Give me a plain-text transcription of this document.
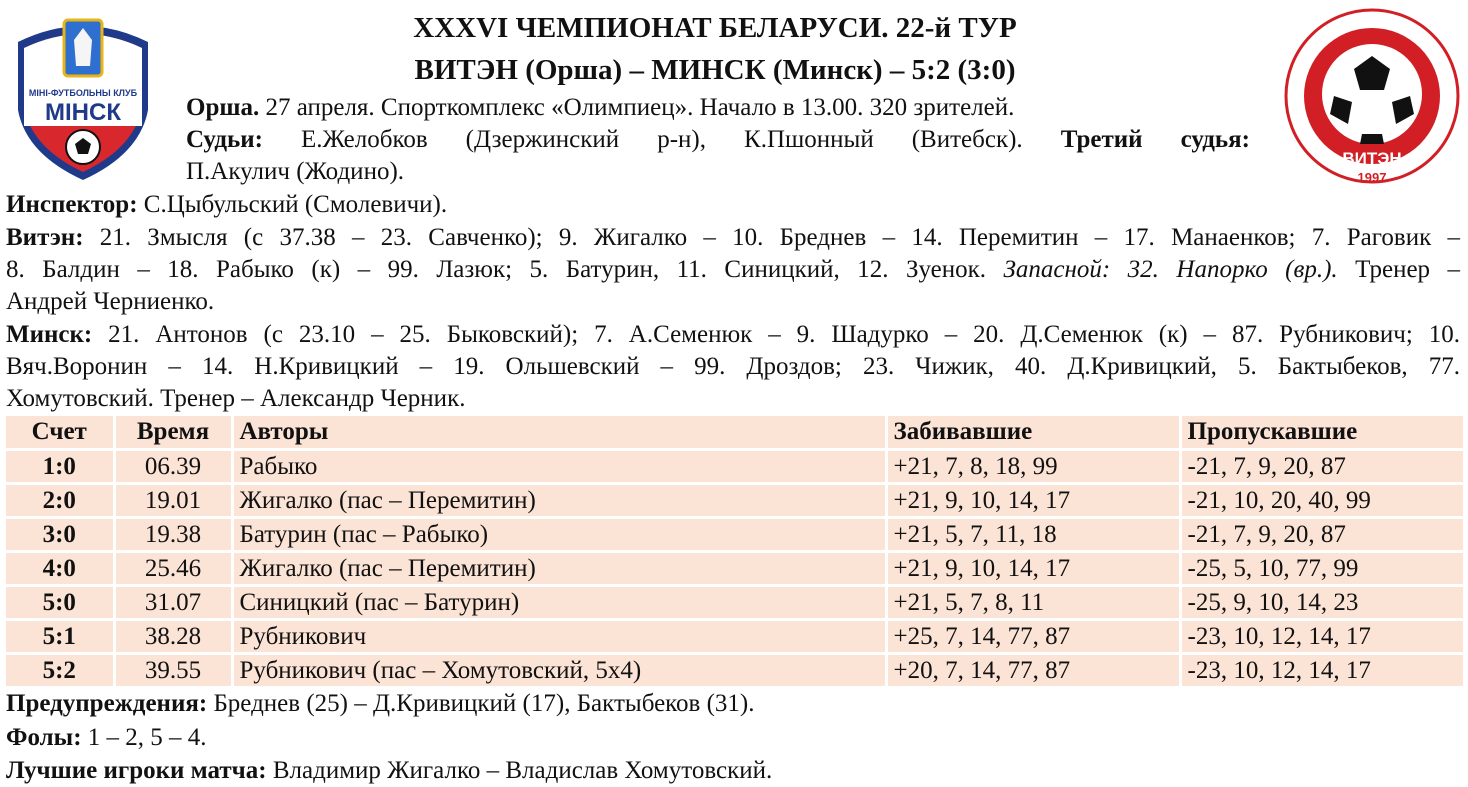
МІНІ-ФУТБОЛЬНЫ КЛУБ
МІНСК
ВИТЭН
1997
XXXVI ЧЕМПИОНАТ БЕЛАРУСИ. 22-й ТУР
ВИТЭН (Орша) – МИНСК (Минск) – 5:2 (3:0)
Орша. 27 апреля. Спорткомплекс «Олимпиец». Начало в 13.00. 320 зрителей.
Судьи: Е.Желобков (Дзержинский р-н), К.Пшонный (Витебск). Третий судья:
П.Акулич (Жодино).
Инспектор: С.Цыбульский (Смолевичи).
Витэн: 21. Змысля (с 37.38 – 23. Савченко); 9. Жигалко – 10. Бреднев – 14. Перемитин – 17. Манаенков; 7. Раговик –
8. Балдин – 18. Рабыко (к) – 99. Лазюк; 5. Батурин, 11. Синицкий, 12. Зуенок. Запасной: 32. Напорко (вр.). Тренер –
Андрей Черниенко.
Минск: 21. Антонов (с 23.10 – 25. Быковский); 7. А.Семенюк – 9. Шадурко – 20. Д.Семенюк (к) – 87. Рубникович; 10.
Вяч.Воронин – 14. Н.Кривицкий – 19. Ольшевский – 99. Дроздов; 23. Чижик, 40. Д.Кривицкий, 5. Бактыбеков, 77.
Хомутовский. Тренер – Александр Черник.
Счет	Время	Авторы	Забивавшие	Пропускавшие
1:0	06.39	Рабыко	+21, 7, 8, 18, 99	-21, 7, 9, 20, 87
2:0	19.01	Жигалко (пас – Перемитин)	+21, 9, 10, 14, 17	-21, 10, 20, 40, 99
3:0	19.38	Батурин (пас – Рабыко)	+21, 5, 7, 11, 18	-21, 7, 9, 20, 87
4:0	25.46	Жигалко (пас – Перемитин)	+21, 9, 10, 14, 17	-25, 5, 10, 77, 99
5:0	31.07	Синицкий (пас – Батурин)	+21, 5, 7, 8, 11	-25, 9, 10, 14, 23
5:1	38.28	Рубникович	+25, 7, 14, 77, 87	-23, 10, 12, 14, 17
5:2	39.55	Рубникович (пас – Хомутовский, 5х4)	+20, 7, 14, 77, 87	-23, 10, 12, 14, 17
Предупреждения: Бреднев (25) – Д.Кривицкий (17), Бактыбеков (31).
Фолы: 1 – 2, 5 – 4.
Лучшие игроки матча: Владимир Жигалко – Владислав Хомутовский.
